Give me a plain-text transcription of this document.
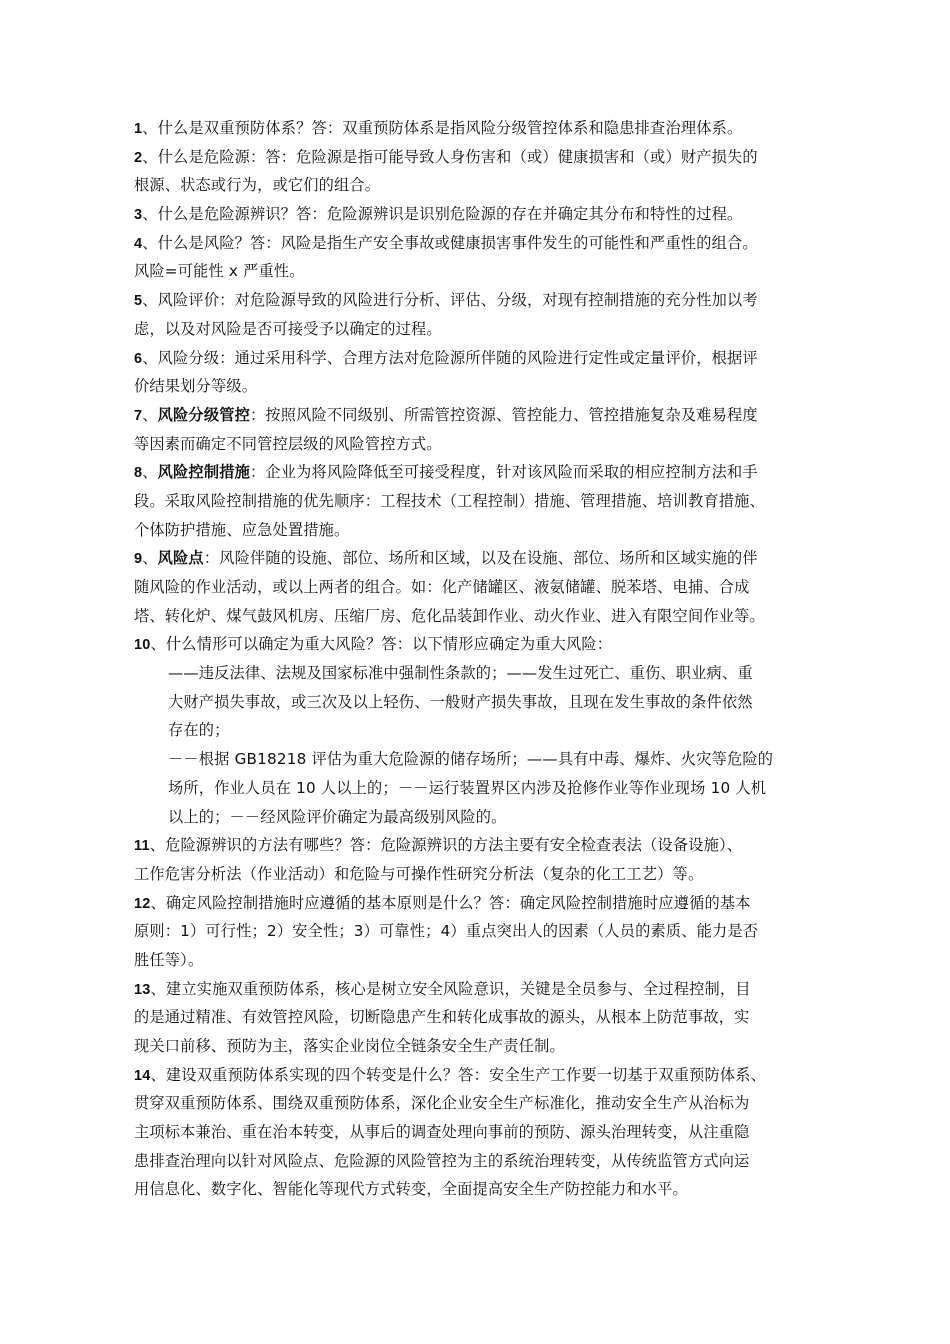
1、什么是双重预防体系？答：双重预防体系是指风险分级管控体系和隐患排查治理体系。
2、什么是危险源：答：危险源是指可能导致人身伤害和（或）健康损害和（或）财产损失的
根源、状态或行为，或它们的组合。
3、什么是危险源辨识？答：危险源辨识是识别危险源的存在并确定其分布和特性的过程。
4、什么是风险？答：风险是指生产安全事故或健康损害事件发生的可能性和严重性的组合。
风险=可能性 x 严重性。
5、风险评价：对危险源导致的风险进行分析、评估、分级，对现有控制措施的充分性加以考
虑，以及对风险是否可接受予以确定的过程。
6、风险分级：通过采用科学、合理方法对危险源所伴随的风险进行定性或定量评价，根据评
价结果划分等级。
7、风险分级管控：按照风险不同级别、所需管控资源、管控能力、管控措施复杂及难易程度
等因素而确定不同管控层级的风险管控方式。
8、风险控制措施：企业为将风险降低至可接受程度，针对该风险而采取的相应控制方法和手
段。采取风险控制措施的优先顺序：工程技术（工程控制）措施、管理措施、培训教育措施、
个体防护措施、应急处置措施。
9、风险点：风险伴随的设施、部位、场所和区域，以及在设施、部位、场所和区域实施的伴
随风险的作业活动，或以上两者的组合。如：化产储罐区、液氨储罐、脱苯塔、电捕、合成
塔、转化炉、煤气鼓风机房、压缩厂房、危化品装卸作业、动火作业、进入有限空间作业等。
10、什么情形可以确定为重大风险？答：以下情形应确定为重大风险：
——违反法律、法规及国家标准中强制性条款的；——发生过死亡、重伤、职业病、重
大财产损失事故，或三次及以上轻伤、一般财产损失事故，且现在发生事故的条件依然
存在的；
－－根据 GB18218 评估为重大危险源的储存场所；——具有中毒、爆炸、火灾等危险的
场所，作业人员在 10 人以上的；－－运行装置界区内涉及抢修作业等作业现场 10 人机
以上的；－－经风险评价确定为最高级别风险的。
11、危险源辨识的方法有哪些？答：危险源辨识的方法主要有安全检查表法（设备设施）、
工作危害分析法（作业活动）和危险与可操作性研究分析法（复杂的化工工艺）等。
12、确定风险控制措施时应遵循的基本原则是什么？答：确定风险控制措施时应遵循的基本
原则：1）可行性；2）安全性；3）可靠性；4）重点突出人的因素（人员的素质、能力是否
胜任等）。
13、建立实施双重预防体系，核心是树立安全风险意识，关键是全员参与、全过程控制，目
的是通过精准、有效管控风险，切断隐患产生和转化成事故的源头，从根本上防范事故，实
现关口前移、预防为主，落实企业岗位全链条安全生产责任制。
14、建设双重预防体系实现的四个转变是什么？答：安全生产工作要一切基于双重预防体系、
贯穿双重预防体系、围绕双重预防体系，深化企业安全生产标准化，推动安全生产从治标为
主项标本兼治、重在治本转变，从事后的调查处理向事前的预防、源头治理转变，从注重隐
患排查治理向以针对风险点、危险源的风险管控为主的系统治理转变，从传统监管方式向运
用信息化、数字化、智能化等现代方式转变，全面提高安全生产防控能力和水平。
